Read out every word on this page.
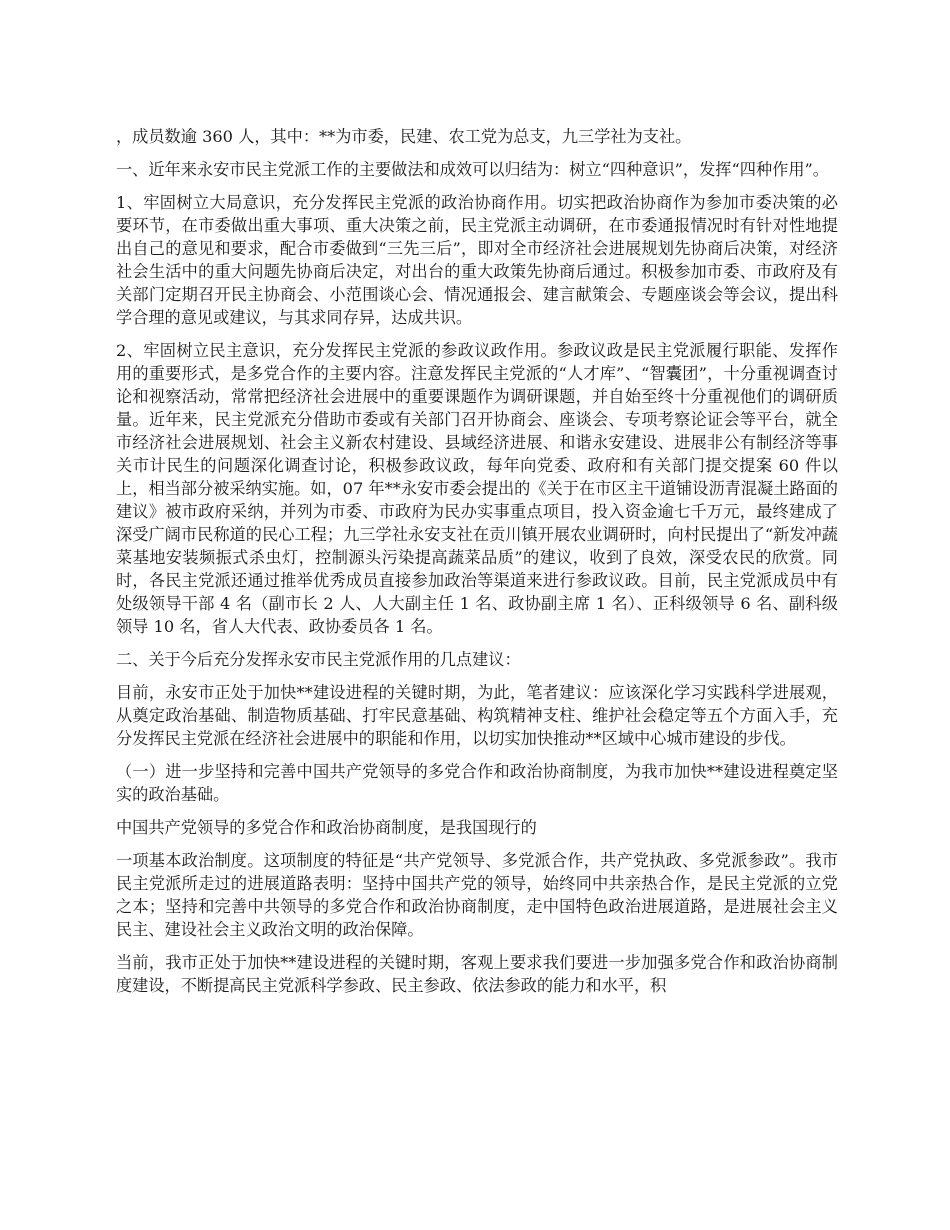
，成员数逾 360 人，其中：**为市委，民建、农工党为总支，九三学社为支社。

一、近年来永安市民主党派工作的主要做法和成效可以归结为：树立“四种意识”，发挥“四种作用”。

1、牢固树立大局意识，充分发挥民主党派的政治协商作用。切实把政治协商作为参加市委决策的必要环节，在市委做出重大事项、重大决策之前，民主党派主动调研，在市委通报情况时有针对性地提出自己的意见和要求，配合市委做到“三先三后”，即对全市经济社会进展规划先协商后决策，对经济社会生活中的重大问题先协商后决定，对出台的重大政策先协商后通过。积极参加市委、市政府及有关部门定期召开民主协商会、小范围谈心会、情况通报会、建言献策会、专题座谈会等会议，提出科学合理的意见或建议，与其求同存异，达成共识。

2、牢固树立民主意识，充分发挥民主党派的参政议政作用。参政议政是民主党派履行职能、发挥作用的重要形式，是多党合作的主要内容。注意发挥民主党派的“人才库”、“智囊团”，十分重视调查讨论和视察活动，常常把经济社会进展中的重要课题作为调研课题，并自始至终十分重视他们的调研质量。近年来，民主党派充分借助市委或有关部门召开协商会、座谈会、专项考察论证会等平台，就全市经济社会进展规划、社会主义新农村建设、县域经济进展、和谐永安建设、进展非公有制经济等事关市计民生的问题深化调查讨论，积极参政议政，每年向党委、政府和有关部门提交提案 60 件以上，相当部分被采纳实施。如，07 年**永安市委会提出的《关于在市区主干道铺设沥青混凝土路面的建议》被市政府采纳，并列为市委、市政府为民办实事重点项目，投入资金逾七千万元，最终建成了深受广阔市民称道的民心工程；九三学社永安支社在贡川镇开展农业调研时，向村民提出了“新发冲蔬菜基地安装频振式杀虫灯，控制源头污染提高蔬菜品质”的建议，收到了良效，深受农民的欣赏。同时，各民主党派还通过推举优秀成员直接参加政治等渠道来进行参政议政。目前，民主党派成员中有处级领导干部 4 名（副市长 2 人、人大副主任 1 名、政协副主席 1 名）、正科级领导 6 名、副科级领导 10 名，省人大代表、政协委员各 1 名。

二、关于今后充分发挥永安市民主党派作用的几点建议：

目前，永安市正处于加快**建设进程的关键时期，为此，笔者建议：应该深化学习实践科学进展观，从奠定政治基础、制造物质基础、打牢民意基础、构筑精神支柱、维护社会稳定等五个方面入手，充分发挥民主党派在经济社会进展中的职能和作用，以切实加快推动**区域中心城市建设的步伐。

（一）进一步坚持和完善中国共产党领导的多党合作和政治协商制度，为我市加快**建设进程奠定坚实的政治基础。

中国共产党领导的多党合作和政治协商制度，是我国现行的

一项基本政治制度。这项制度的特征是“共产党领导、多党派合作，共产党执政、多党派参政”。我市民主党派所走过的进展道路表明：坚持中国共产党的领导，始终同中共亲热合作，是民主党派的立党之本；坚持和完善中共领导的多党合作和政治协商制度，走中国特色政治进展道路，是进展社会主义民主、建设社会主义政治文明的政治保障。

当前，我市正处于加快**建设进程的关键时期，客观上要求我们要进一步加强多党合作和政治协商制度建设，不断提高民主党派科学参政、民主参政、依法参政的能力和水平，积
